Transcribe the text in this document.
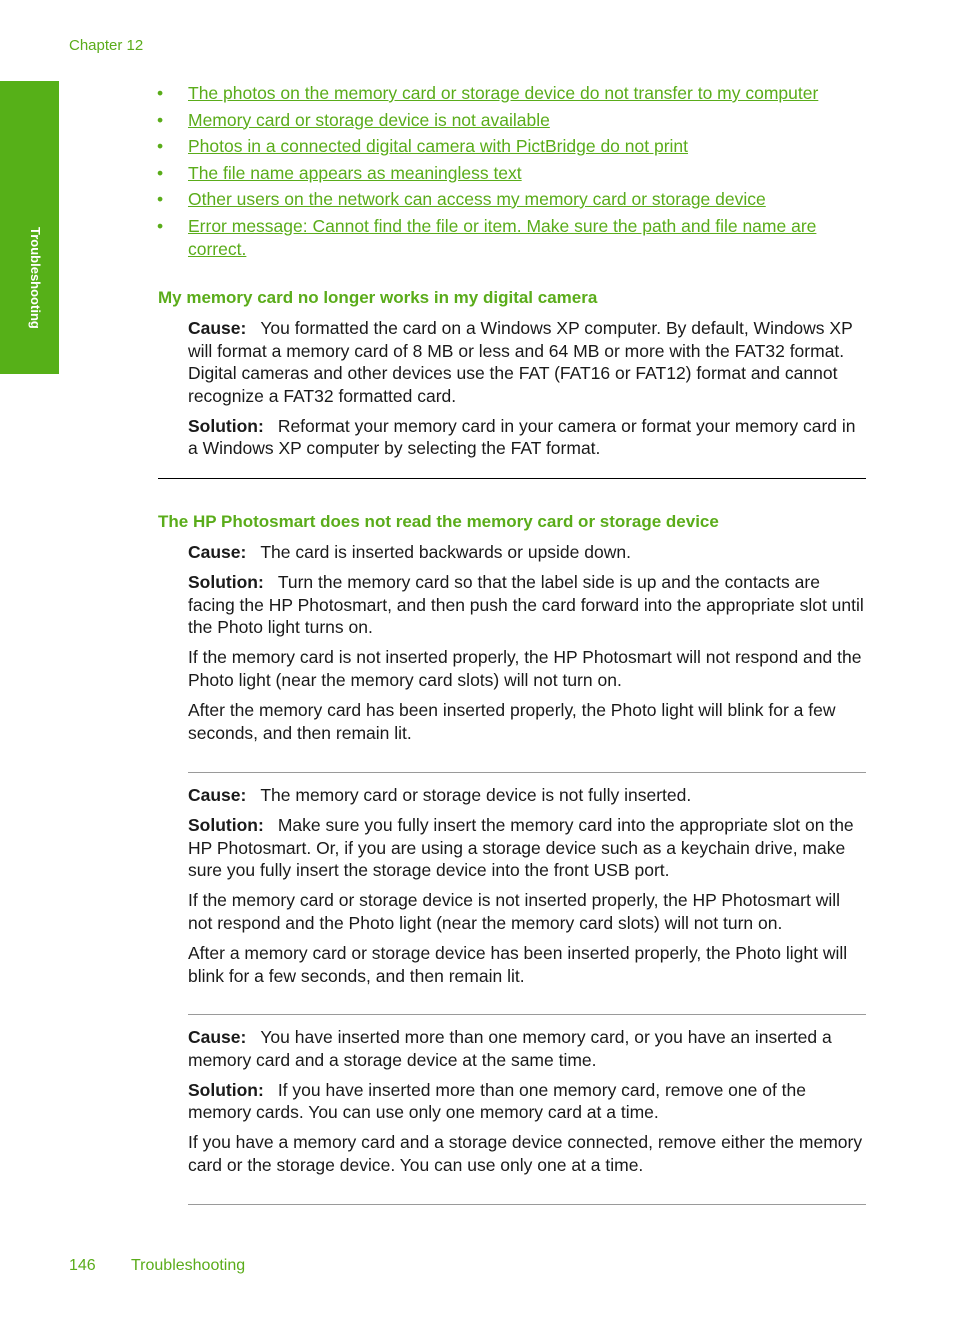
Chapter 12
Troubleshooting
• The photos on the memory card or storage device do not transfer to my computer
• Memory card or storage device is not available
• Photos in a connected digital camera with PictBridge do not print
• The file name appears as meaningless text
• Other users on the network can access my memory card or storage device
• Error message: Cannot find the file or item. Make sure the path and file name are correct.
My memory card no longer works in my digital camera

Cause: You formatted the card on a Windows XP computer. By default, Windows XP will format a memory card of 8 MB or less and 64 MB or more with the FAT32 format. Digital cameras and other devices use the FAT (FAT16 or FAT12) format and cannot recognize a FAT32 formatted card.

Solution: Reformat your memory card in your camera or format your memory card in a Windows XP computer by selecting the FAT format.

The HP Photosmart does not read the memory card or storage device

Cause: The card is inserted backwards or upside down.

Solution: Turn the memory card so that the label side is up and the contacts are facing the HP Photosmart, and then push the card forward into the appropriate slot until the Photo light turns on.

If the memory card is not inserted properly, the HP Photosmart will not respond and the Photo light (near the memory card slots) will not turn on.

After the memory card has been inserted properly, the Photo light will blink for a few seconds, and then remain lit.

Cause: The memory card or storage device is not fully inserted.

Solution: Make sure you fully insert the memory card into the appropriate slot on the HP Photosmart. Or, if you are using a storage device such as a keychain drive, make sure you fully insert the storage device into the front USB port.

If the memory card or storage device is not inserted properly, the HP Photosmart will not respond and the Photo light (near the memory card slots) will not turn on.

After a memory card or storage device has been inserted properly, the Photo light will blink for a few seconds, and then remain lit.

Cause: You have inserted more than one memory card, or you have an inserted a memory card and a storage device at the same time.

Solution: If you have inserted more than one memory card, remove one of the memory cards. You can use only one memory card at a time.

If you have a memory card and a storage device connected, remove either the memory card or the storage device. You can use only one at a time.

146 Troubleshooting
